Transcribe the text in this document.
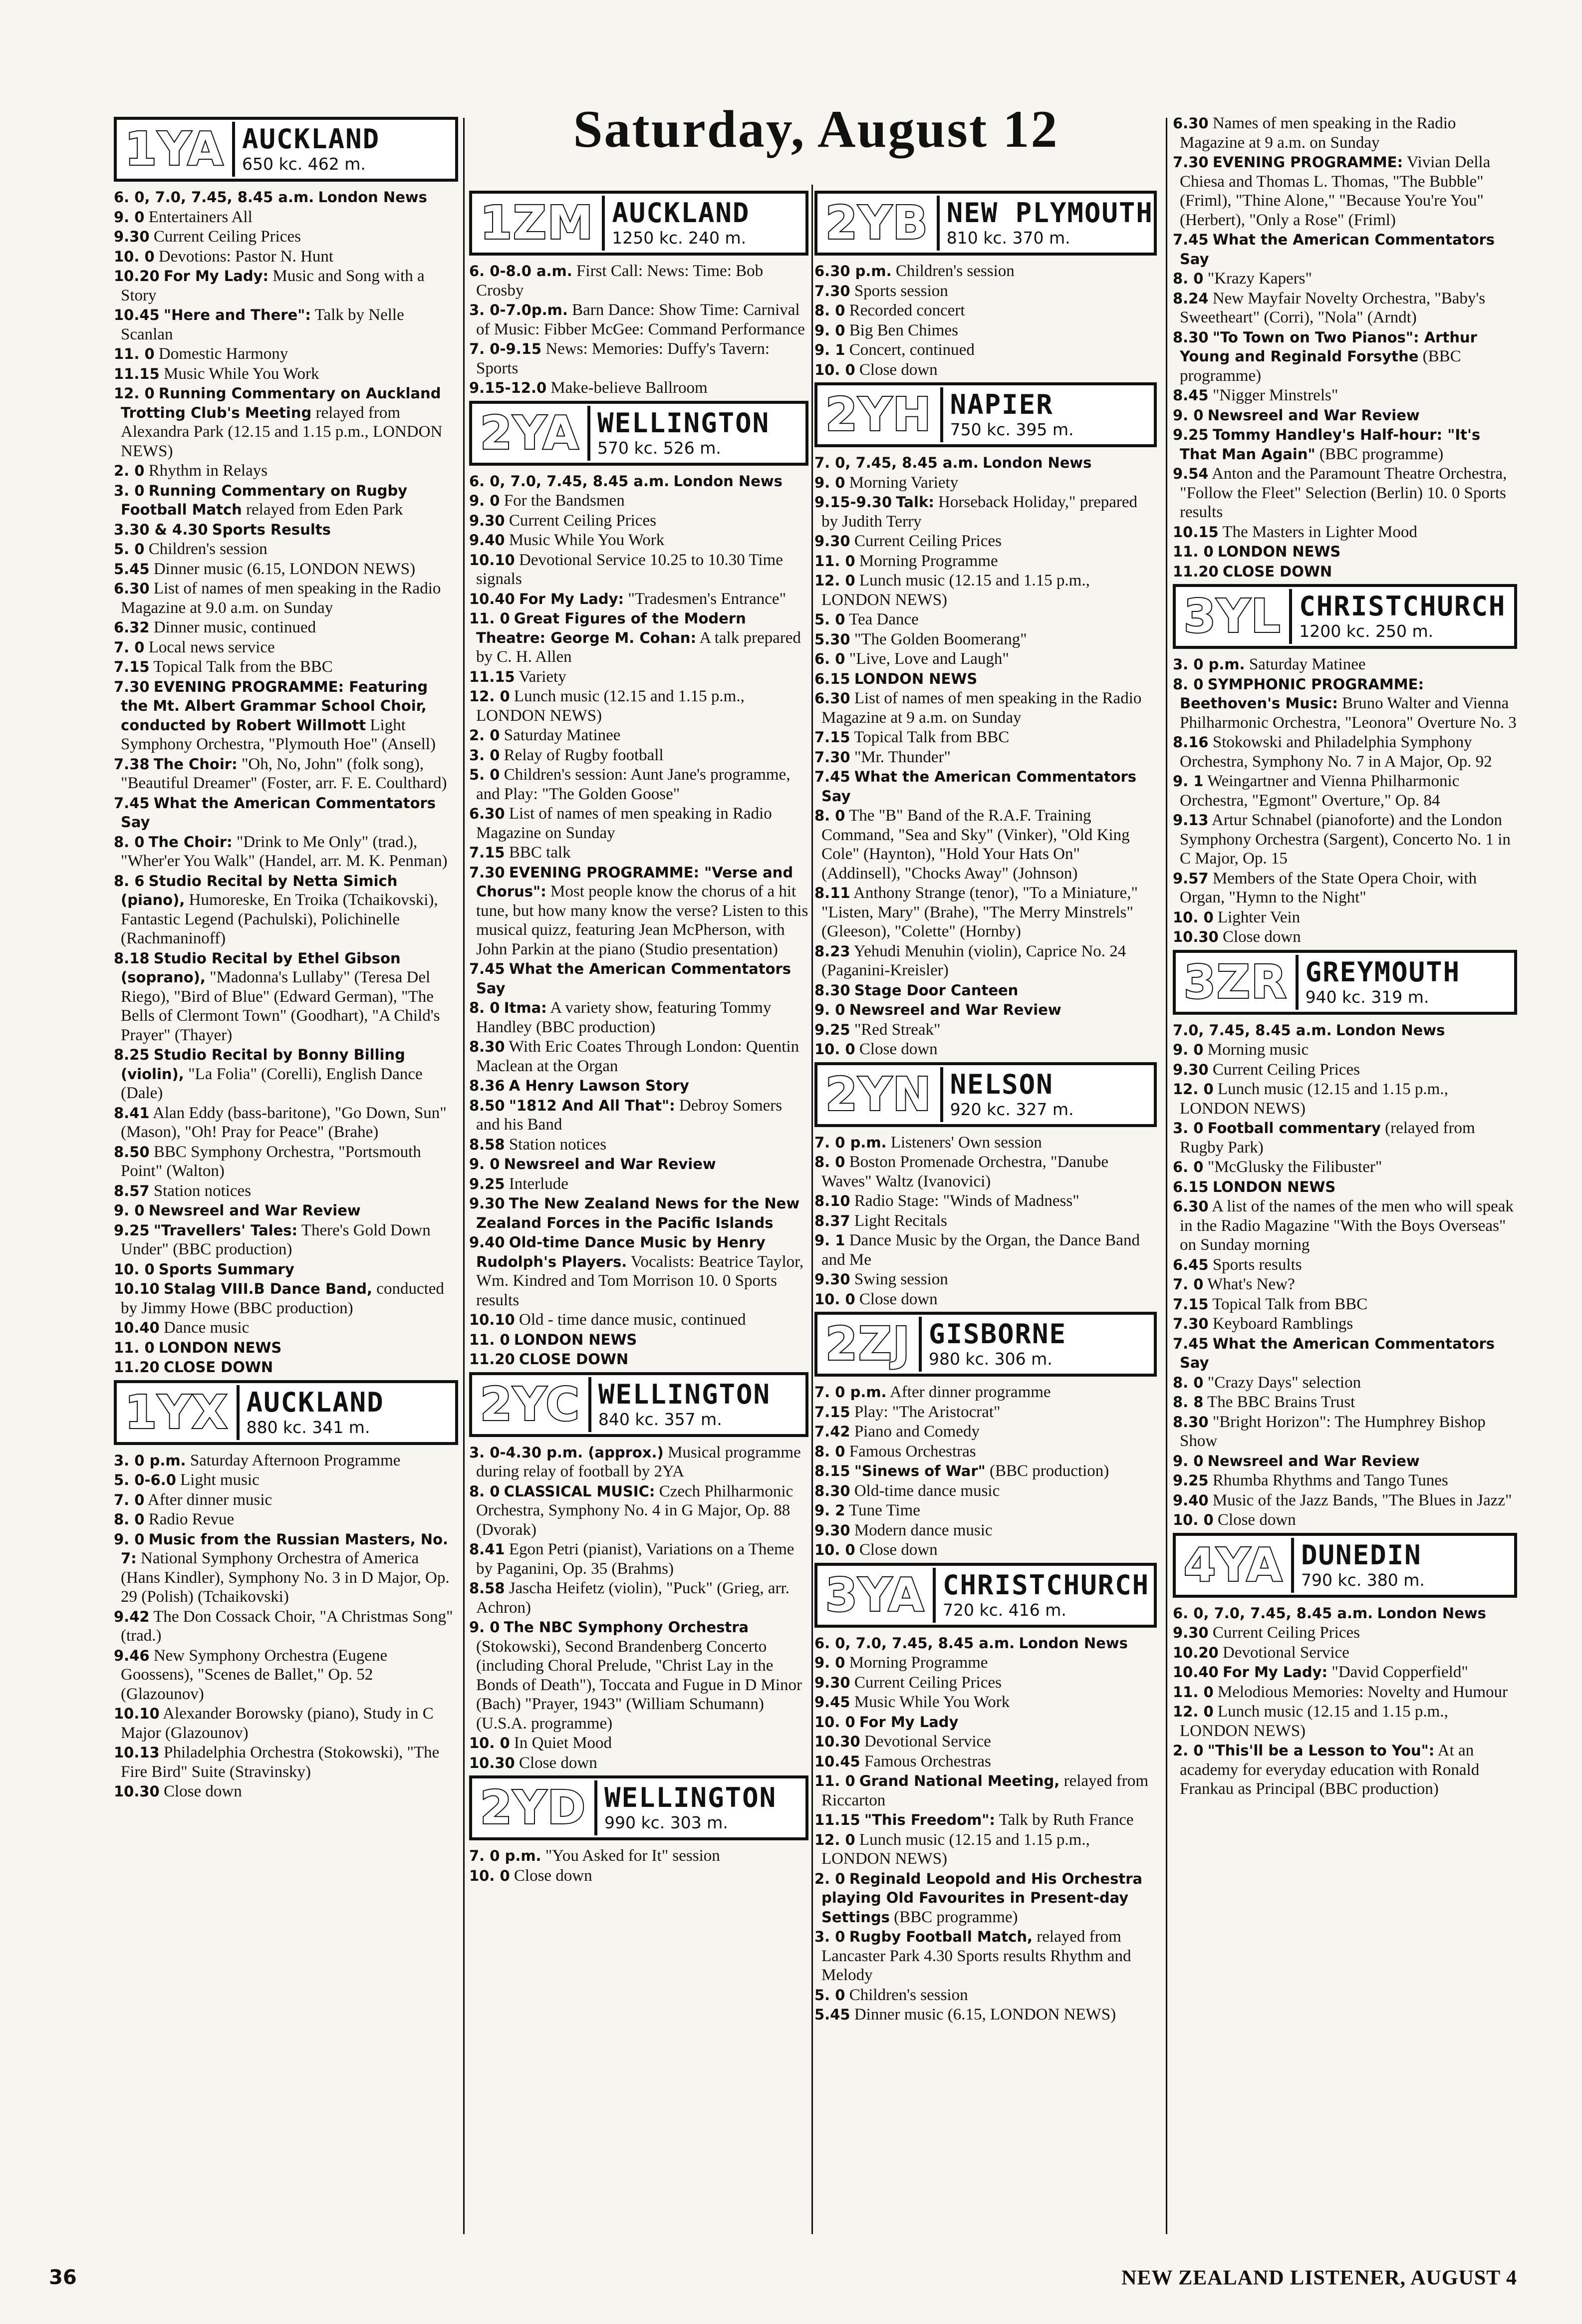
Saturday, August 12
1YA AUCKLAND
650 kc. 462 m.

6. 0, 7.0, 7.45, 8.45 a.m. London News

9. 0 Entertainers All

9.30 Current Ceiling Prices

10. 0 Devotions: Pastor N. Hunt

10.20 For My Lady: Music and Song with a Story

10.45 "Here and There": Talk by Nelle Scanlan

11. 0 Domestic Harmony

11.15 Music While You Work

12. 0 Running Commentary on Auckland Trotting Club's Meeting relayed from Alexandra Park (12.15 and 1.15 p.m., LONDON NEWS)

2. 0 Rhythm in Relays

3. 0 Running Commentary on Rugby Football Match relayed from Eden Park

3.30 & 4.30 Sports Results

5. 0 Children's session

5.45 Dinner music (6.15, LONDON NEWS)

6.30 List of names of men speaking in the Radio Magazine at 9.0 a.m. on Sunday

6.32 Dinner music, continued

7. 0 Local news service

7.15 Topical Talk from the BBC

7.30 EVENING PROGRAMME: Featuring the Mt. Albert Grammar School Choir, conducted by Robert Willmott Light Symphony Orchestra, "Plymouth Hoe" (Ansell)

7.38 The Choir: "Oh, No, John" (folk song), "Beautiful Dreamer" (Foster, arr. F. E. Coulthard)

7.45 What the American Commentators Say

8. 0 The Choir: "Drink to Me Only" (trad.), "Wher'er You Walk" (Handel, arr. M. K. Penman)

8. 6 Studio Recital by Netta Simich (piano), Humoreske, En Troika (Tchaikovski), Fantastic Legend (Pachulski), Polichinelle (Rachmaninoff)

8.18 Studio Recital by Ethel Gibson (soprano), "Madonna's Lullaby" (Teresa Del Riego), "Bird of Blue" (Edward German), "The Bells of Clermont Town" (Goodhart), "A Child's Prayer" (Thayer)

8.25 Studio Recital by Bonny Billing (violin), "La Folia" (Corelli), English Dance (Dale)

8.41 Alan Eddy (bass-baritone), "Go Down, Sun" (Mason), "Oh! Pray for Peace" (Brahe)

8.50 BBC Symphony Orchestra, "Portsmouth Point" (Walton)

8.57 Station notices

9. 0 Newsreel and War Review

9.25 "Travellers' Tales: There's Gold Down Under" (BBC production)

10. 0 Sports Summary

10.10 Stalag VIII.B Dance Band, conducted by Jimmy Howe (BBC production)

10.40 Dance music

11. 0 LONDON NEWS

11.20 CLOSE DOWN

1YX AUCKLAND
880 kc. 341 m.

3. 0 p.m. Saturday Afternoon Programme

5. 0-6.0 Light music

7. 0 After dinner music

8. 0 Radio Revue

9. 0 Music from the Russian Masters, No. 7: National Symphony Orchestra of America (Hans Kindler), Symphony No. 3 in D Major, Op. 29 (Polish) (Tchaikovski)

9.42 The Don Cossack Choir, "A Christmas Song" (trad.)

9.46 New Symphony Orchestra (Eugene Goossens), "Scenes de Ballet," Op. 52 (Glazounov)

10.10 Alexander Borowsky (piano), Study in C Major (Glazounov)

10.13 Philadelphia Orchestra (Stokowski), "The Fire Bird" Suite (Stravinsky)

10.30 Close down

1ZM AUCKLAND
1250 kc. 240 m.

6. 0-8.0 a.m. First Call: News: Time: Bob Crosby

3. 0-7.0p.m. Barn Dance: Show Time: Carnival of Music: Fibber McGee: Command Performance

7. 0-9.15 News: Memories: Duffy's Tavern: Sports

9.15-12.0 Make-believe Ballroom

2YA WELLINGTON
570 kc. 526 m.

6. 0, 7.0, 7.45, 8.45 a.m. London News

9. 0 For the Bandsmen

9.30 Current Ceiling Prices

9.40 Music While You Work

10.10 Devotional Service 10.25 to 10.30 Time signals

10.40 For My Lady: "Tradesmen's Entrance"

11. 0 Great Figures of the Modern Theatre: George M. Cohan: A talk prepared by C. H. Allen

11.15 Variety

12. 0 Lunch music (12.15 and 1.15 p.m., LONDON NEWS)

2. 0 Saturday Matinee

3. 0 Relay of Rugby football

5. 0 Children's session: Aunt Jane's programme, and Play: "The Golden Goose"

6.30 List of names of men speaking in Radio Magazine on Sunday

7.15 BBC talk

7.30 EVENING PROGRAMME: "Verse and Chorus": Most people know the chorus of a hit tune, but how many know the verse? Listen to this musical quizz, featuring Jean McPherson, with John Parkin at the piano (Studio presentation)

7.45 What the American Commentators Say

8. 0 Itma: A variety show, featuring Tommy Handley (BBC production)

8.30 With Eric Coates Through London: Quentin Maclean at the Organ

8.36 A Henry Lawson Story

8.50 "1812 And All That": Debroy Somers and his Band

8.58 Station notices

9. 0 Newsreel and War Review

9.25 Interlude

9.30 The New Zealand News for the New Zealand Forces in the Pacific Islands

9.40 Old-time Dance Music by Henry Rudolph's Players. Vocalists: Beatrice Taylor, Wm. Kindred and Tom Morrison 10. 0 Sports results

10.10 Old - time dance music, continued

11. 0 LONDON NEWS

11.20 CLOSE DOWN

2YC WELLINGTON
840 kc. 357 m.

3. 0-4.30 p.m. (approx.) Musical programme during relay of football by 2YA

8. 0 CLASSICAL MUSIC: Czech Philharmonic Orchestra, Symphony No. 4 in G Major, Op. 88 (Dvorak)

8.41 Egon Petri (pianist), Variations on a Theme by Paganini, Op. 35 (Brahms)

8.58 Jascha Heifetz (violin), "Puck" (Grieg, arr. Achron)

9. 0 The NBC Symphony Orchestra (Stokowski), Second Brandenberg Concerto (including Choral Prelude, "Christ Lay in the Bonds of Death"), Toccata and Fugue in D Minor (Bach) "Prayer, 1943" (William Schumann) (U.S.A. programme)

10. 0 In Quiet Mood

10.30 Close down

2YD WELLINGTON
990 kc. 303 m.

7. 0 p.m. "You Asked for It" session

10. 0 Close down

2YB NEW PLYMOUTH
810 kc. 370 m.

6.30 p.m. Children's session

7.30 Sports session

8. 0 Recorded concert

9. 0 Big Ben Chimes

9. 1 Concert, continued

10. 0 Close down

2YH NAPIER
750 kc. 395 m.

7. 0, 7.45, 8.45 a.m. London News

9. 0 Morning Variety

9.15-9.30 Talk: Horseback Holiday," prepared by Judith Terry

9.30 Current Ceiling Prices

11. 0 Morning Programme

12. 0 Lunch music (12.15 and 1.15 p.m., LONDON NEWS)

5. 0 Tea Dance

5.30 "The Golden Boomerang"

6. 0 "Live, Love and Laugh"

6.15 LONDON NEWS

6.30 List of names of men speaking in the Radio Magazine at 9 a.m. on Sunday

7.15 Topical Talk from BBC

7.30 "Mr. Thunder"

7.45 What the American Commentators Say

8. 0 The "B" Band of the R.A.F. Training Command, "Sea and Sky" (Vinker), "Old King Cole" (Haynton), "Hold Your Hats On" (Addinsell), "Chocks Away" (Johnson)

8.11 Anthony Strange (tenor), "To a Miniature," "Listen, Mary" (Brahe), "The Merry Minstrels" (Gleeson), "Colette" (Hornby)

8.23 Yehudi Menuhin (violin), Caprice No. 24 (Paganini-Kreisler)

8.30 Stage Door Canteen

9. 0 Newsreel and War Review

9.25 "Red Streak"

10. 0 Close down

2YN NELSON
920 kc. 327 m.

7. 0 p.m. Listeners' Own session

8. 0 Boston Promenade Orchestra, "Danube Waves" Waltz (Ivanovici)

8.10 Radio Stage: "Winds of Madness"

8.37 Light Recitals

9. 1 Dance Music by the Organ, the Dance Band and Me

9.30 Swing session

10. 0 Close down

2ZJ GISBORNE
980 kc. 306 m.

7. 0 p.m. After dinner programme

7.15 Play: "The Aristocrat"

7.42 Piano and Comedy

8. 0 Famous Orchestras

8.15 "Sinews of War" (BBC production)

8.30 Old-time dance music

9. 2 Tune Time

9.30 Modern dance music

10. 0 Close down

3YA CHRISTCHURCH
720 kc. 416 m.

6. 0, 7.0, 7.45, 8.45 a.m. London News

9. 0 Morning Programme

9.30 Current Ceiling Prices

9.45 Music While You Work

10. 0 For My Lady

10.30 Devotional Service

10.45 Famous Orchestras

11. 0 Grand National Meeting, relayed from Riccarton

11.15 "This Freedom": Talk by Ruth France

12. 0 Lunch music (12.15 and 1.15 p.m., LONDON NEWS)

2. 0 Reginald Leopold and His Orchestra playing Old Favourites in Present-day Settings (BBC programme)

3. 0 Rugby Football Match, relayed from Lancaster Park 4.30 Sports results Rhythm and Melody

5. 0 Children's session

5.45 Dinner music (6.15, LONDON NEWS)

6.30 Names of men speaking in the Radio Magazine at 9 a.m. on Sunday

7.30 EVENING PROGRAMME: Vivian Della Chiesa and Thomas L. Thomas, "The Bubble" (Friml), "Thine Alone," "Because You're You" (Herbert), "Only a Rose" (Friml)

7.45 What the American Commentators Say

8. 0 "Krazy Kapers"

8.24 New Mayfair Novelty Orchestra, "Baby's Sweetheart" (Corri), "Nola" (Arndt)

8.30 "To Town on Two Pianos": Arthur Young and Reginald Forsythe (BBC programme)

8.45 "Nigger Minstrels"

9. 0 Newsreel and War Review

9.25 Tommy Handley's Half-hour: "It's That Man Again" (BBC programme)

9.54 Anton and the Paramount Theatre Orchestra, "Follow the Fleet" Selection (Berlin) 10. 0 Sports results

10.15 The Masters in Lighter Mood

11. 0 LONDON NEWS

11.20 CLOSE DOWN

3YL CHRISTCHURCH
1200 kc. 250 m.

3. 0 p.m. Saturday Matinee

8. 0 SYMPHONIC PROGRAMME: Beethoven's Music: Bruno Walter and Vienna Philharmonic Orchestra, "Leonora" Overture No. 3

8.16 Stokowski and Philadelphia Symphony Orchestra, Symphony No. 7 in A Major, Op. 92

9. 1 Weingartner and Vienna Philharmonic Orchestra, "Egmont" Overture," Op. 84

9.13 Artur Schnabel (pianoforte) and the London Symphony Orchestra (Sargent), Concerto No. 1 in C Major, Op. 15

9.57 Members of the State Opera Choir, with Organ, "Hymn to the Night"

10. 0 Lighter Vein

10.30 Close down

3ZR GREYMOUTH
940 kc. 319 m.

7.0, 7.45, 8.45 a.m. London News

9. 0 Morning music

9.30 Current Ceiling Prices

12. 0 Lunch music (12.15 and 1.15 p.m., LONDON NEWS)

3. 0 Football commentary (relayed from Rugby Park)

6. 0 "McGlusky the Filibuster"

6.15 LONDON NEWS

6.30 A list of the names of the men who will speak in the Radio Magazine "With the Boys Overseas" on Sunday morning

6.45 Sports results

7. 0 What's New?

7.15 Topical Talk from BBC

7.30 Keyboard Ramblings

7.45 What the American Commentators Say

8. 0 "Crazy Days" selection

8. 8 The BBC Brains Trust

8.30 "Bright Horizon": The Humphrey Bishop Show

9. 0 Newsreel and War Review

9.25 Rhumba Rhythms and Tango Tunes

9.40 Music of the Jazz Bands, "The Blues in Jazz"

10. 0 Close down

4YA DUNEDIN
790 kc. 380 m.

6. 0, 7.0, 7.45, 8.45 a.m. London News

9.30 Current Ceiling Prices

10.20 Devotional Service

10.40 For My Lady: "David Copperfield"

11. 0 Melodious Memories: Novelty and Humour

12. 0 Lunch music (12.15 and 1.15 p.m., LONDON NEWS)

2. 0 "This'll be a Lesson to You": At an academy for everyday education with Ronald Frankau as Principal (BBC production)

36	NEW ZEALAND LISTENER, AUGUST 4
